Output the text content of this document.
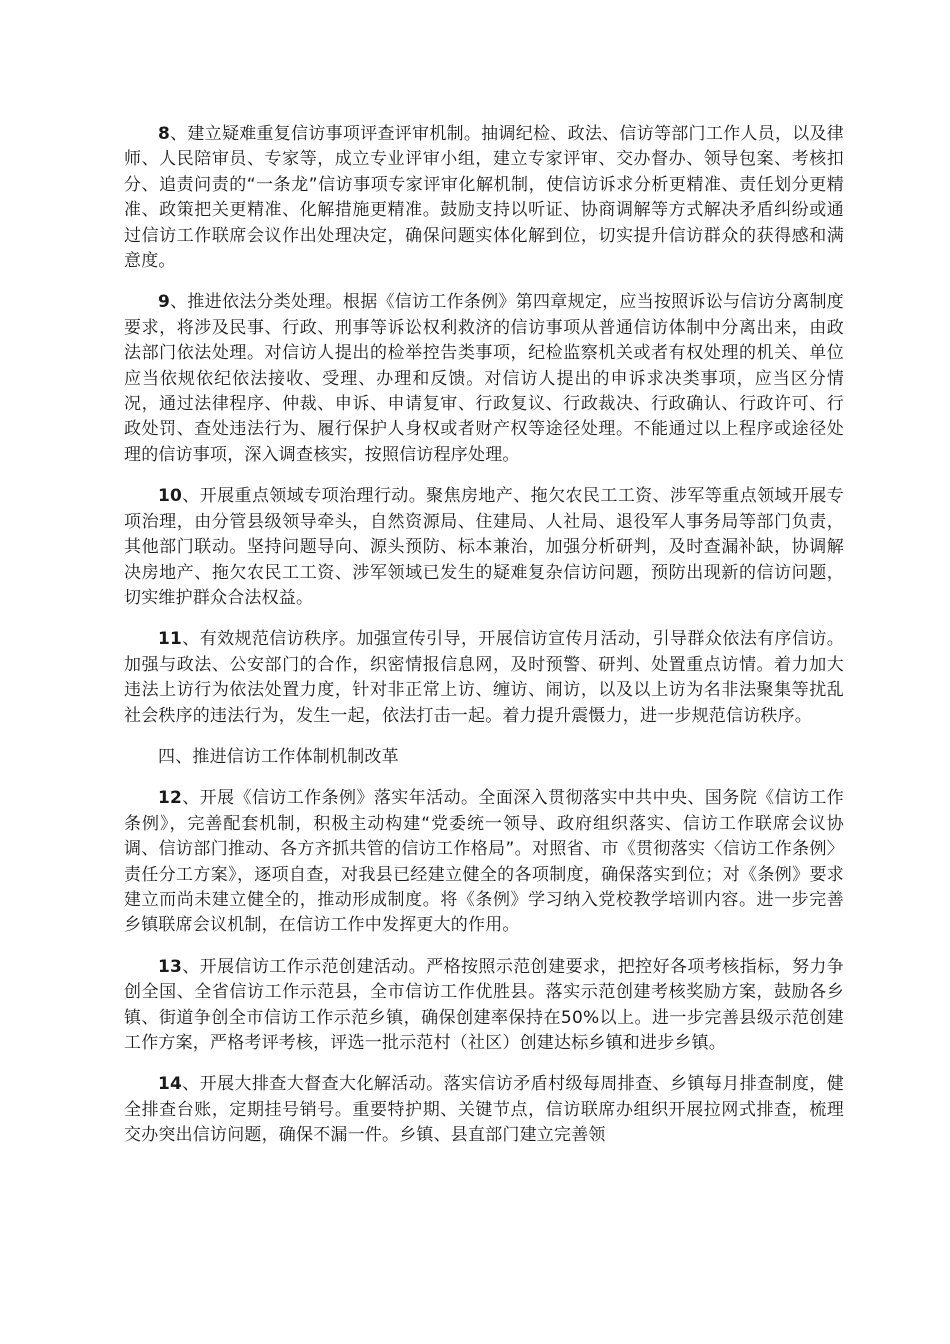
8、建立疑难重复信访事项评查评审机制。抽调纪检、政法、信访等部门工作人员，以及律师、人民陪审员、专家等，成立专业评审小组，建立专家评审、交办督办、领导包案、考核扣分、追责问责的“一条龙”信访事项专家评审化解机制，使信访诉求分析更精准、责任划分更精准、政策把关更精准、化解措施更精准。鼓励支持以听证、协商调解等方式解决矛盾纠纷或通过信访工作联席会议作出处理决定，确保问题实体化解到位，切实提升信访群众的获得感和满意度。

9、推进依法分类处理。根据《信访工作条例》第四章规定，应当按照诉讼与信访分离制度要求，将涉及民事、行政、刑事等诉讼权利救济的信访事项从普通信访体制中分离出来，由政法部门依法处理。对信访人提出的检举控告类事项，纪检监察机关或者有权处理的机关、单位应当依规依纪依法接收、受理、办理和反馈。对信访人提出的申诉求决类事项，应当区分情况，通过法律程序、仲裁、申诉、申请复审、行政复议、行政裁决、行政确认、行政许可、行政处罚、查处违法行为、履行保护人身权或者财产权等途径处理。不能通过以上程序或途径处理的信访事项，深入调查核实，按照信访程序处理。

10、开展重点领域专项治理行动。聚焦房地产、拖欠农民工工资、涉军等重点领域开展专项治理，由分管县级领导牵头，自然资源局、住建局、人社局、退役军人事务局等部门负责，其他部门联动。坚持问题导向、源头预防、标本兼治，加强分析研判，及时查漏补缺，协调解决房地产、拖欠农民工工资、涉军领域已发生的疑难复杂信访问题，预防出现新的信访问题，切实维护群众合法权益。

11、有效规范信访秩序。加强宣传引导，开展信访宣传月活动，引导群众依法有序信访。加强与政法、公安部门的合作，织密情报信息网，及时预警、研判、处置重点访情。着力加大违法上访行为依法处置力度，针对非正常上访、缠访、闹访，以及以上访为名非法聚集等扰乱社会秩序的违法行为，发生一起，依法打击一起。着力提升震慑力，进一步规范信访秩序。

四、推进信访工作体制机制改革

12、开展《信访工作条例》落实年活动。全面深入贯彻落实中共中央、国务院《信访工作条例》，完善配套机制，积极主动构建“党委统一领导、政府组织落实、信访工作联席会议协调、信访部门推动、各方齐抓共管的信访工作格局”。对照省、市《贯彻落实〈信访工作条例〉责任分工方案》，逐项自查，对我县已经建立健全的各项制度，确保落实到位；对《条例》要求建立而尚未建立健全的，推动形成制度。将《条例》学习纳入党校教学培训内容。进一步完善乡镇联席会议机制，在信访工作中发挥更大的作用。

13、开展信访工作示范创建活动。严格按照示范创建要求，把控好各项考核指标，努力争创全国、全省信访工作示范县，全市信访工作优胜县。落实示范创建考核奖励方案，鼓励各乡镇、街道争创全市信访工作示范乡镇，确保创建率保持在50%以上。进一步完善县级示范创建工作方案，严格考评考核，评选一批示范村（社区）创建达标乡镇和进步乡镇。

14、开展大排查大督查大化解活动。落实信访矛盾村级每周排查、乡镇每月排查制度，健全排查台账，定期挂号销号。重要特护期、关键节点，信访联席办组织开展拉网式排查，梳理交办突出信访问题，确保不漏一件。乡镇、县直部门建立完善领
